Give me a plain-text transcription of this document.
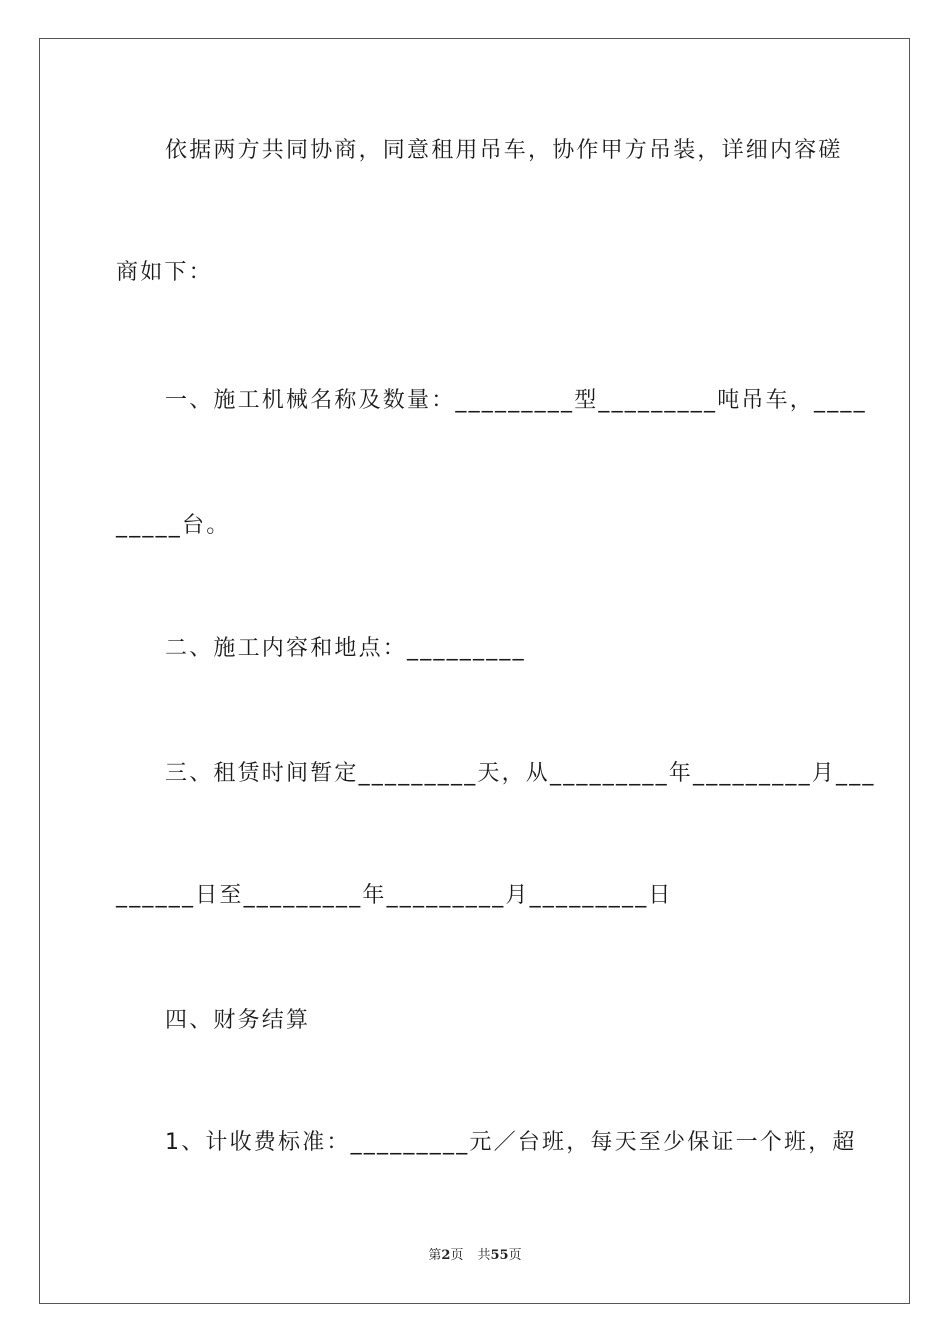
依据两方共同协商，同意租用吊车，协作甲方吊装，详细内容磋
商如下：
一、施工机械名称及数量：_________型_________吨吊车，____
_____台。
二、施工内容和地点：_________
三、租赁时间暂定_________天，从_________年_________月___
______日至_________年_________月_________日
四、财务结算
1、计收费标准：_________元／台班，每天至少保证一个班，超
第2页 共55页
